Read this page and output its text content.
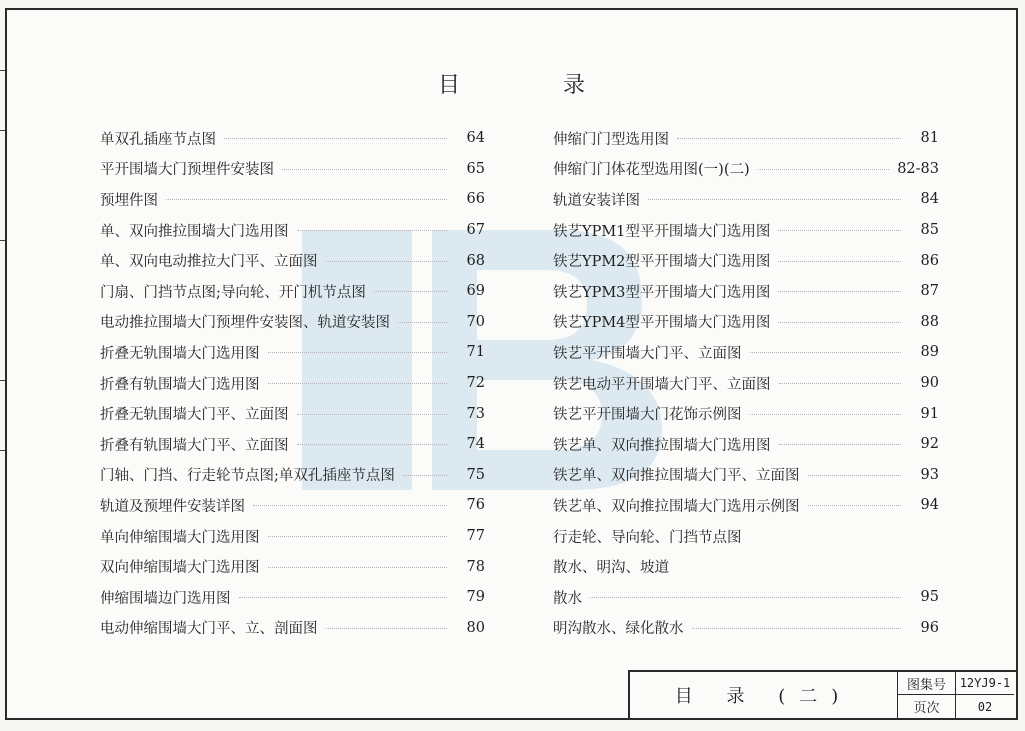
目 录
单双孔插座节点图	64
平开围墙大门预埋件安装图	65
预埋件图	66
单、双向推拉围墙大门选用图	67
单、双向电动推拉大门平、立面图	68
门扇、门挡节点图;导向轮、开门机节点图	69
电动推拉围墙大门预埋件安装图、轨道安装图	70
折叠无轨围墙大门选用图	71
折叠有轨围墙大门选用图	72
折叠无轨围墙大门平、立面图	73
折叠有轨围墙大门平、立面图	74
门轴、门挡、行走轮节点图;单双孔插座节点图	75
轨道及预埋件安装详图	76
单向伸缩围墙大门选用图	77
双向伸缩围墙大门选用图	78
伸缩围墙边门选用图	79
电动伸缩围墙大门平、立、剖面图	80
伸缩门门型选用图	81
伸缩门门体花型选用图(一)(二)	82-83
轨道安装详图	84
铁艺YPM1型平开围墙大门选用图	85
铁艺YPM2型平开围墙大门选用图	86
铁艺YPM3型平开围墙大门选用图	87
铁艺YPM4型平开围墙大门选用图	88
铁艺平开围墙大门平、立面图	89
铁艺电动平开围墙大门平、立面图	90
铁艺平开围墙大门花饰示例图	91
铁艺单、双向推拉围墙大门选用图	92
铁艺单、双向推拉围墙大门平、立面图	93
铁艺单、双向推拉围墙大门选用示例图	94
行走轮、导向轮、门挡节点图
散水、明沟、坡道
散水	95
明沟散水、绿化散水	96
目 录 (二)
图集号	12YJ9-1
页次	02
